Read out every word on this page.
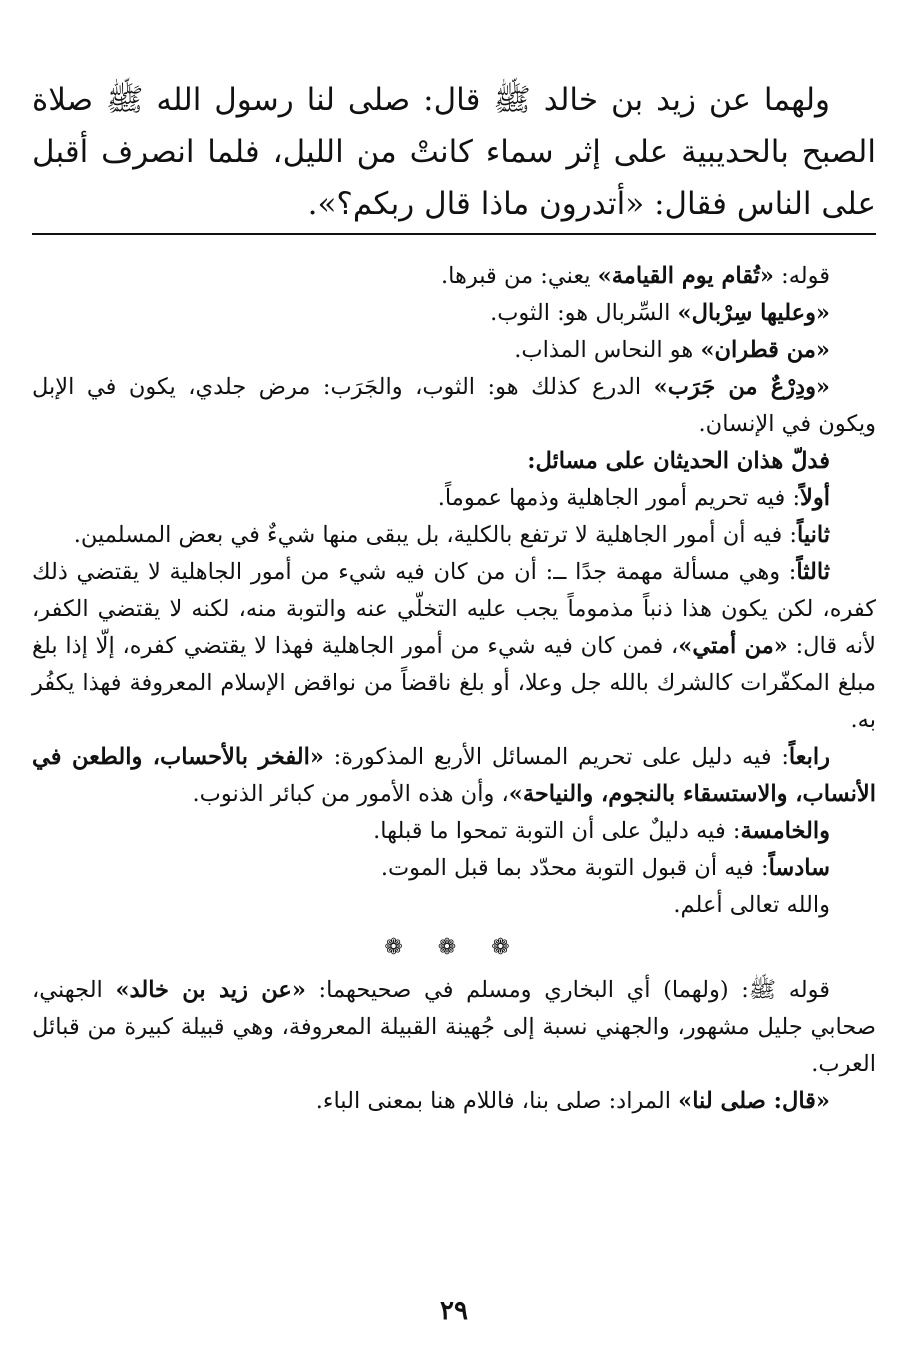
ولهما عن زيد بن خالد ﷺ قال: صلى لنا رسول الله ﷺ صلاة الصبح بالحديبية على إثر سماء كانتْ من الليل، فلما انصرف أقبل على الناس فقال: «أتدرون ماذا قال ربكم؟».

قوله: «تُقام يوم القيامة» يعني: من قبرها.

«وعليها سِرْبال» السِّربال هو: الثوب.

«من قطران» هو النحاس المذاب.

«ودِرْعٌ من جَرَب» الدرع كذلك هو: الثوب، والجَرَب: مرض جلدي، يكون في الإبل ويكون في الإنسان.

فدلّ هذان الحديثان على مسائل:

أولاً: فيه تحريم أمور الجاهلية وذمها عموماً.

ثانياً: فيه أن أمور الجاهلية لا ترتفع بالكلية، بل يبقى منها شيءٌ في بعض المسلمين.

ثالثاً: وهي مسألة مهمة جدًا ــ: أن من كان فيه شيء من أمور الجاهلية لا يقتضي ذلك كفره، لكن يكون هذا ذنباً مذموماً يجب عليه التخلّي عنه والتوبة منه، لكنه لا يقتضي الكفر، لأنه قال: «من أمتي»، فمن كان فيه شيء من أمور الجاهلية فهذا لا يقتضي كفره، إلّا إذا بلغ مبلغ المكفّرات كالشرك بالله جل وعلا، أو بلغ ناقضاً من نواقض الإسلام المعروفة فهذا يكفُر به.

رابعاً: فيه دليل على تحريم المسائل الأربع المذكورة: «الفخر بالأحساب، والطعن في الأنساب، والاستسقاء بالنجوم، والنياحة»، وأن هذه الأمور من كبائر الذنوب.

والخامسة: فيه دليلٌ على أن التوبة تمحوا ما قبلها.

سادساً: فيه أن قبول التوبة محدّد بما قبل الموت.

والله تعالى أعلم.

❁ ❁ ❁

قوله ﷺ: (ولهما) أي البخاري ومسلم في صحيحهما: «عن زيد بن خالد» الجهني، صحابي جليل مشهور، والجهني نسبة إلى جُهينة القبيلة المعروفة، وهي قبيلة كبيرة من قبائل العرب.

«قال: صلى لنا» المراد: صلى بنا، فاللام هنا بمعنى الباء.

٢٩
